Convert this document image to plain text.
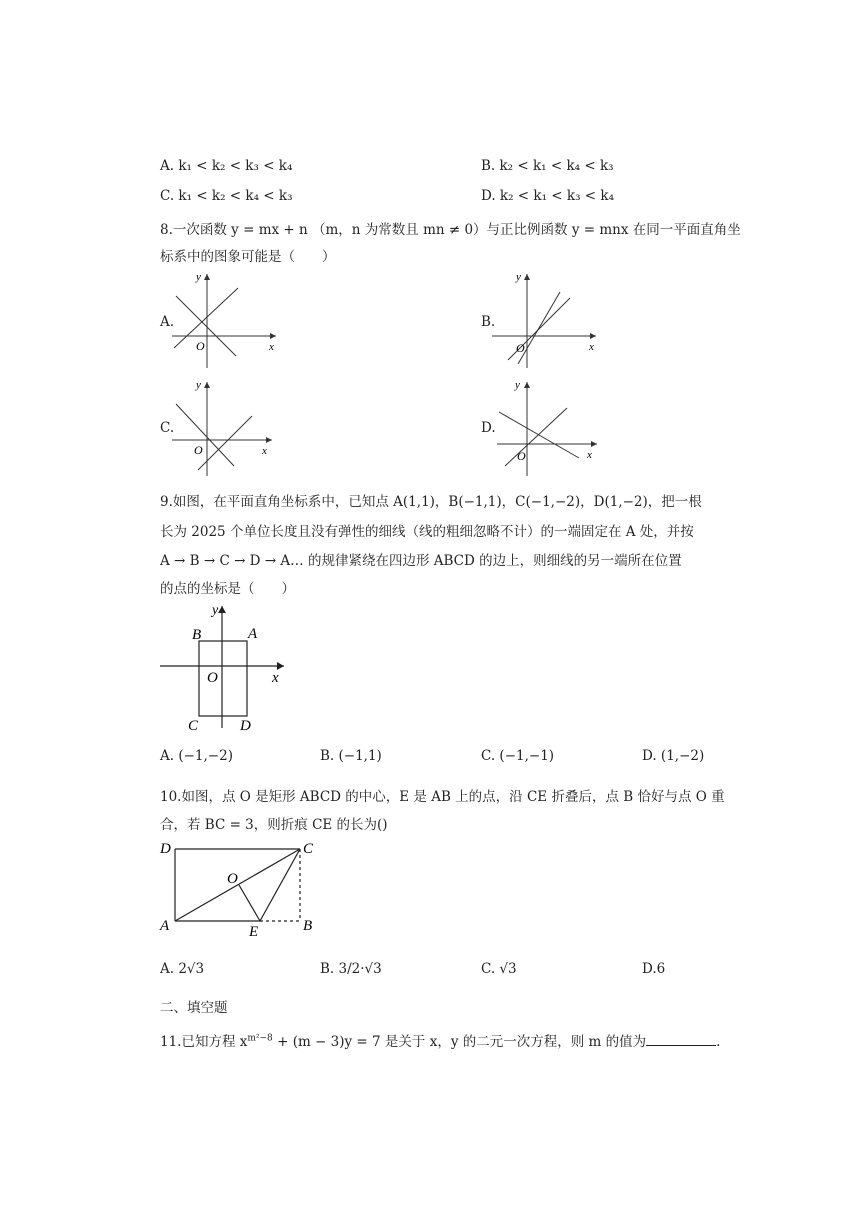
A. k₁ < k₂ < k₃ < k₄	B. k₂ < k₁ < k₄ < k₃
C. k₁ < k₂ < k₄ < k₃	D. k₂ < k₁ < k₃ < k₄
8.一次函数 y = mx + n （m，n 为常数且 mn ≠ 0）与正比例函数 y = mnx 在同一平面直角坐
标系中的图象可能是（　　）
A.
O	x
y
B.
O	x
y
C.
O	x
y
D.
O	x
y
9.如图，在平面直角坐标系中，已知点 A(1,1)，B(−1,1)，C(−1,−2)，D(1,−2)，把一根
长为 2025 个单位长度且没有弹性的细线（线的粗细忽略不计）的一端固定在 A 处，并按
A → B → C → D → A… 的规律紧绕在四边形 ABCD 的边上，则细线的另一端所在位置
的点的坐标是（　　）
B	A
C	D
O	x
y
A. (−1,−2)	B. (−1,1)	C. (−1,−1)	D. (1,−2)
10.如图，点 O 是矩形 ABCD 的中心，E 是 AB 上的点，沿 CE 折叠后，点 B 恰好与点 O 重
合，若 BC = 3，则折痕 CE 的长为()
D	C
A	B
O
E
A. 2√3	B. 3/2·√3	C. √3	D.6
二、填空题
11.已知方程 $x^{m^2-8} + (m - 3)y = 7$ 是关于 x，y 的二元一次方程，则 m 的值为	.
